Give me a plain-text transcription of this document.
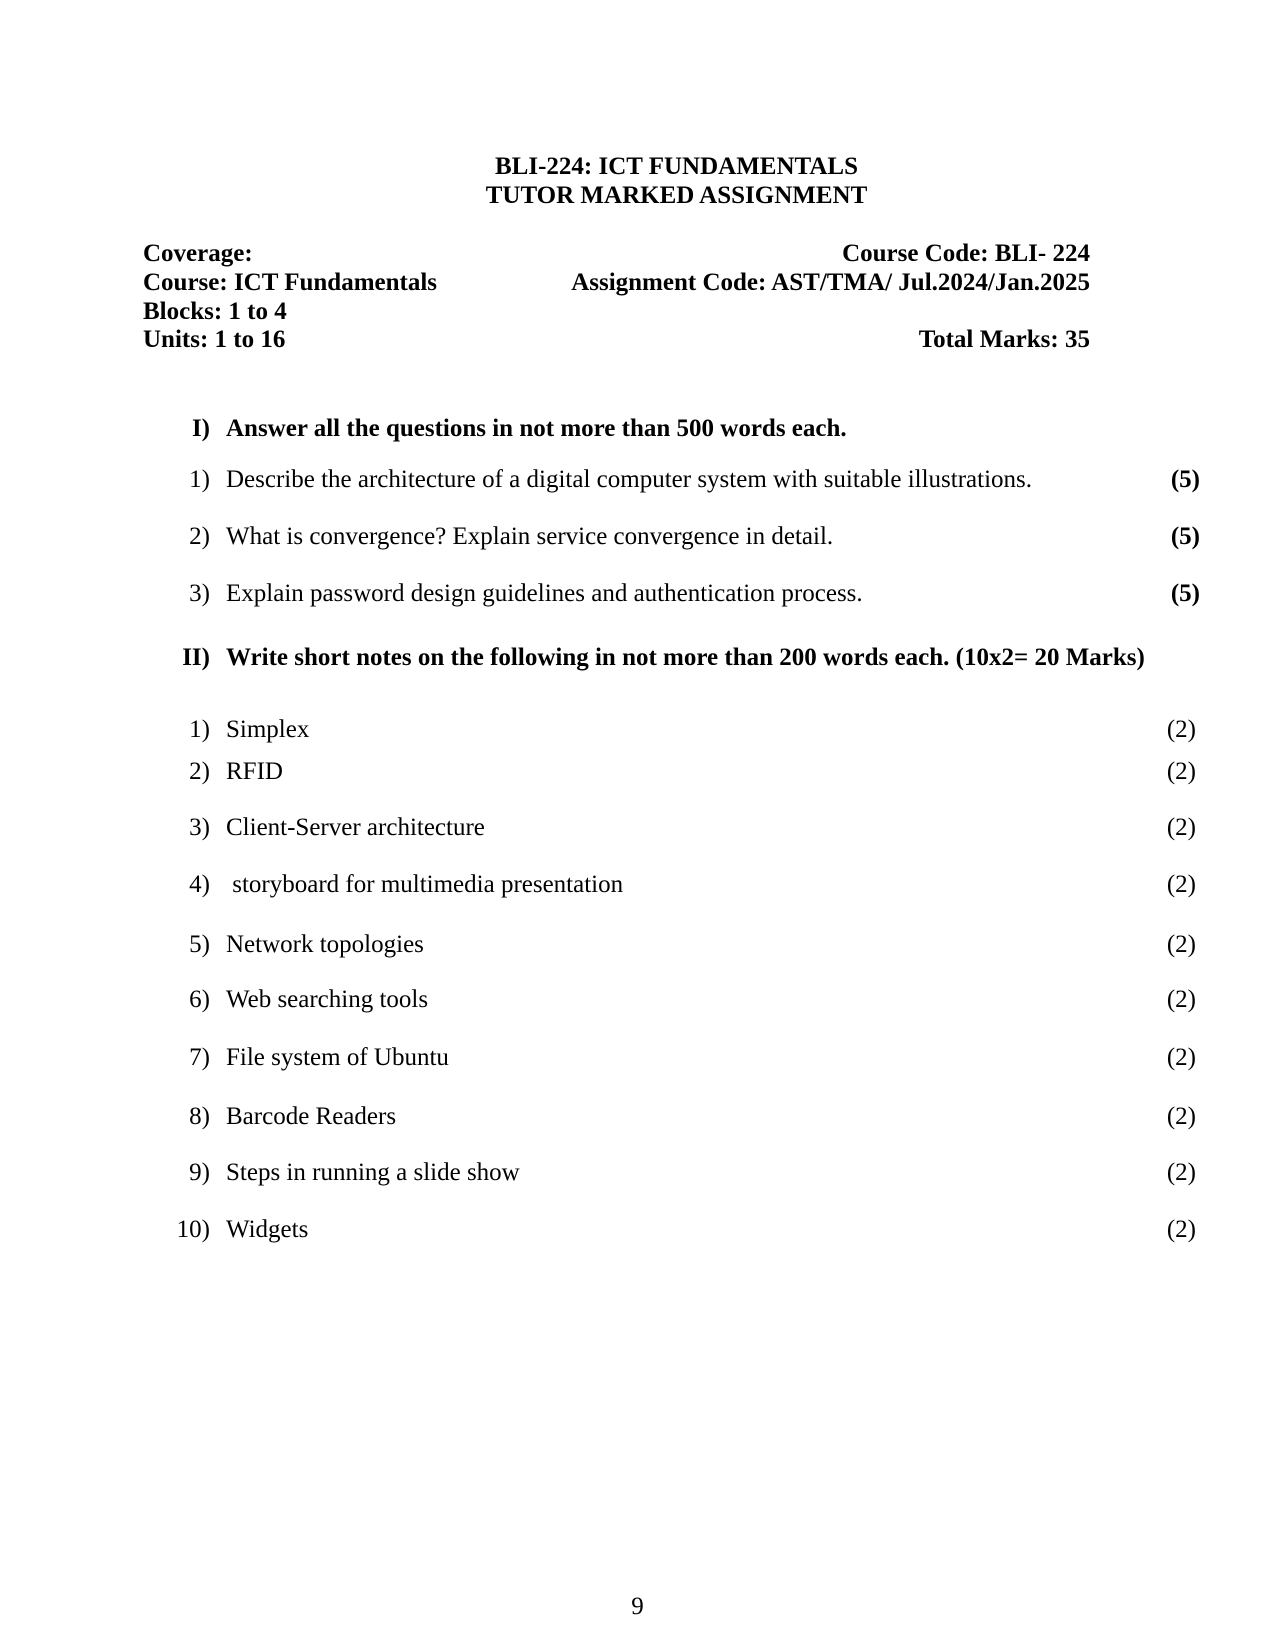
BLI-224: ICT FUNDAMENTALS
TUTOR MARKED ASSIGNMENT
Coverage:	Course Code: BLI- 224
Course: ICT Fundamentals	Assignment Code: AST/TMA/ Jul.2024/Jan.2025
Blocks: 1 to 4
Units: 1 to 16	Total Marks: 35
I) Answer all the questions in not more than 500 words each.
1) Describe the architecture of a digital computer system with suitable illustrations.	(5)
2) What is convergence? Explain service convergence in detail.	(5)
3) Explain password design guidelines and authentication process.	(5)
II) Write short notes on the following in not more than 200 words each. (10x2= 20 Marks)
1) Simplex	(2)
2) RFID	(2)
3) Client-Server architecture	(2)
4) storyboard for multimedia presentation	(2)
5) Network topologies	(2)
6) Web searching tools	(2)
7) File system of Ubuntu	(2)
8) Barcode Readers	(2)
9) Steps in running a slide show	(2)
10) Widgets	(2)
9
